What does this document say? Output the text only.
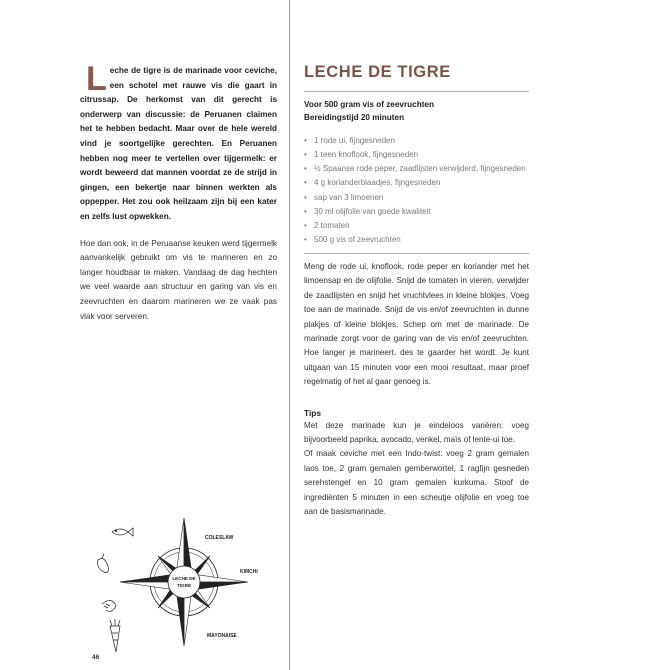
Leche de tigre is de marinade voor ceviche, een schotel met rauwe vis die gaart in citrussap. De herkomst van dit gerecht is onderwerp van discussie: de Peruanen claimen het te hebben bedacht. Maar over de hele wereld vind je soortgelijke gerechten. En Peruanen hebben nog meer te vertellen over tijgermelk: er wordt beweerd dat mannen voordat ze de strijd in gingen, een bekertje naar binnen werkten als oppepper. Het zou ook heilzaam zijn bij een kater en zelfs lust opwekken.

Hoe dan ook, in de Peruaanse keuken werd tijgermelk aanvankelijk gebruikt om vis te marineren en zo langer houdbaar te maken. Vandaag de dag hechten we veel waarde aan structuur en garing van vis en zeevruchten en daarom marineren we ze vaak pas vlak voor serveren.

LECHE DE
TIGRE
COLESLAW
KIMCHI
MAYONAISE
46
LECHE DE TIGRE

Voor 500 gram vis of zeevruchten

Bereidingstijd 20 minuten

• 1 rode ui, fijngesneden
• 1 teen knoflook, fijngesneden
• ½ Spaanse rode peper, zaadlijsten verwijderd, fijngesneden
• 4 g korianderblaadjes, fijngesneden
• sap van 3 limoenen
• 30 ml olijfolie van goede kwaliteit
• 2 tomaten
• 500 g vis of zeevruchten

Meng de rode ui, knoflook, rode peper en koriander met het limoensap en de olijfolie. Snijd de tomaten in vieren, verwijder de zaadlijsten en snijd het vruchtvlees in kleine blokjes. Voeg toe aan de marinade. Snijd de vis en/of zeevruchten in dunne plakjes of kleine blokjes. Schep om met de marinade. De marinade zorgt voor de garing van de vis en/of zeevruchten. Hoe langer je marineert, des te gaarder het wordt. Je kunt uitgaan van 15 minuten voor een mooi resultaat, maar proef regelmatig of het al gaar genoeg is.

Tips

Met deze marinade kun je eindeloos variëren: voeg bijvoorbeeld paprika, avocado, venkel, maïs of lente-ui toe.

Of maak ceviche met een Indo-twist: voeg 2 gram gemalen laos toe, 2 gram gemalen gemberwortel, 1 ragfijn gesneden serehstengel en 10 gram gemalen kurkuma. Stoof de ingrediënten 5 minuten in een scheutje olijfolie en voeg toe aan de basismarinade.
